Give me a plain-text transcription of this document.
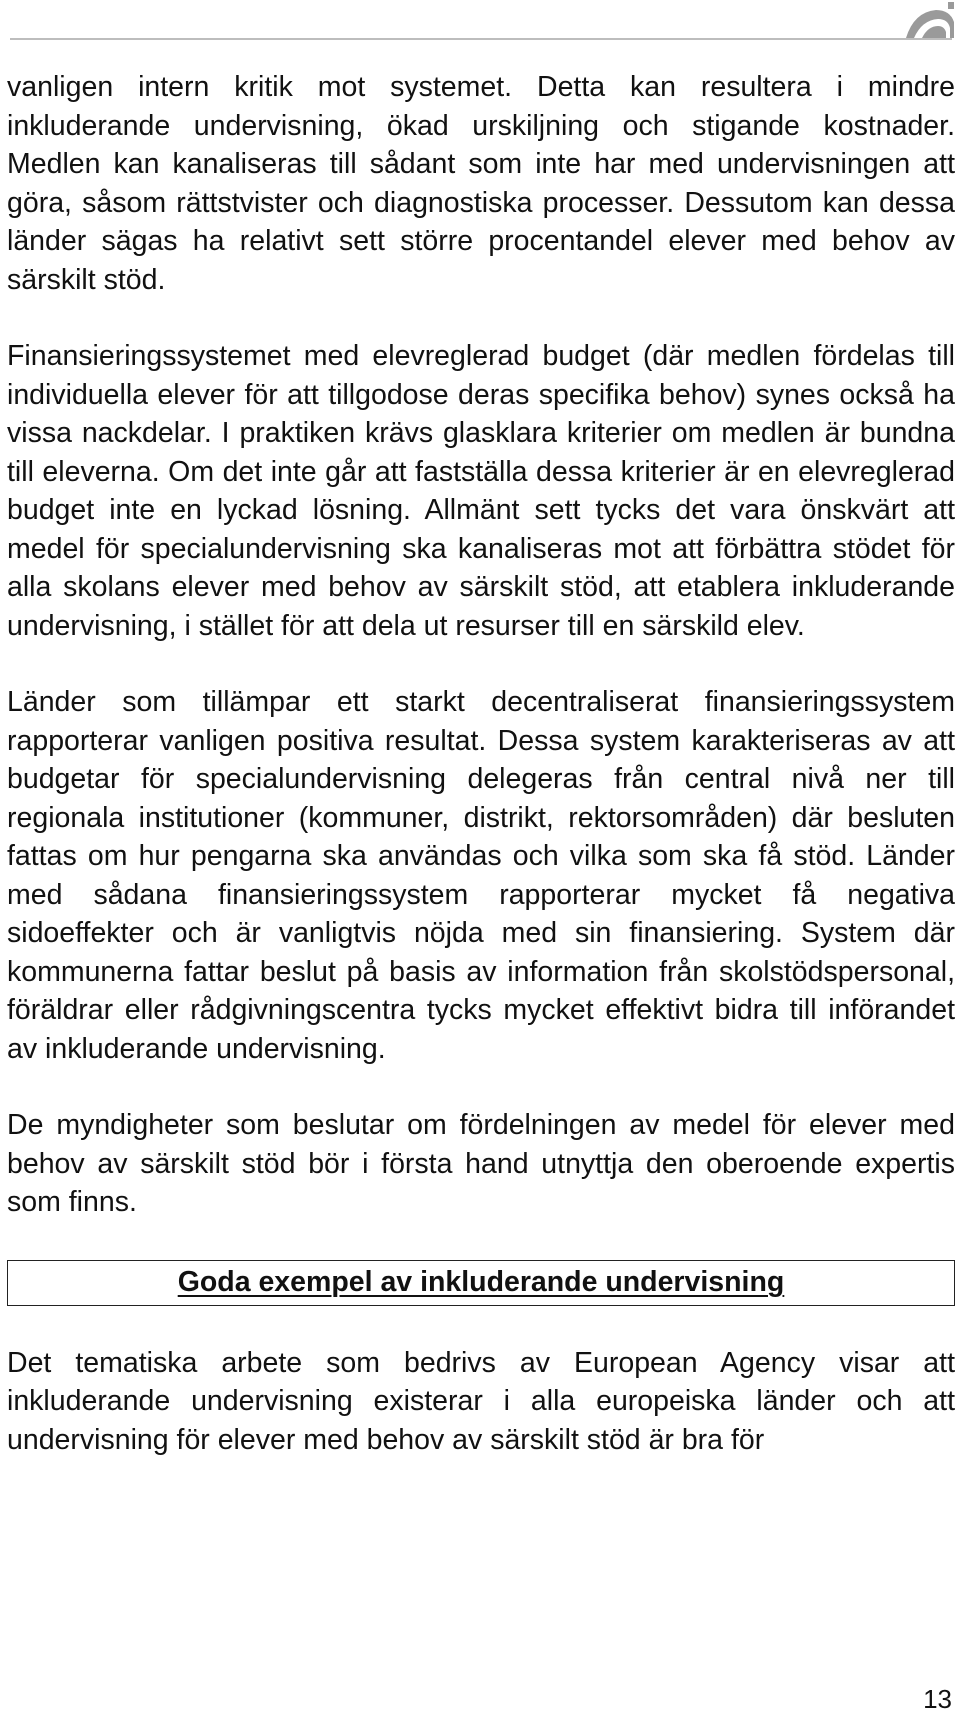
vanligen intern kritik mot systemet. Detta kan resultera i mindre inkluderande undervisning, ökad urskiljning och stigande kostnader. Medlen kan kanaliseras till sådant som inte har med undervisningen att göra, såsom rättstvister och diagnostiska processer. Dessutom kan dessa länder sägas ha relativt sett större procentandel elever med behov av särskilt stöd.

Finansieringssystemet med elevreglerad budget (där medlen fördelas till individuella elever för att tillgodose deras specifika behov) synes också ha vissa nackdelar. I praktiken krävs glasklara kriterier om medlen är bundna till eleverna. Om det inte går att fastställa dessa kriterier är en elevreglerad budget inte en lyckad lösning. Allmänt sett tycks det vara önskvärt att medel för specialundervisning ska kanaliseras mot att förbättra stödet för alla skolans elever med behov av särskilt stöd, att etablera inkluderande undervisning, i stället för att dela ut resurser till en särskild elev.

Länder som tillämpar ett starkt decentraliserat finansieringssystem rapporterar vanligen positiva resultat. Dessa system karakteriseras av att budgetar för specialundervisning delegeras från central nivå ner till regionala institutioner (kommuner, distrikt, rektorsområden) där besluten fattas om hur pengarna ska användas och vilka som ska få stöd. Länder med sådana finansieringssystem rapporterar mycket få negativa sidoeffekter och är vanligtvis nöjda med sin finansiering. System där kommunerna fattar beslut på basis av information från skolstödspersonal, föräldrar eller rådgivningscentra tycks mycket effektivt bidra till införandet av inkluderande undervisning.

De myndigheter som beslutar om fördelningen av medel för elever med behov av särskilt stöd bör i första hand utnyttja den oberoende expertis som finns.

Goda exempel av inkluderande undervisning

Det tematiska arbete som bedrivs av European Agency visar att inkluderande undervisning existerar i alla europeiska länder och att undervisning för elever med behov av särskilt stöd är bra för

13
